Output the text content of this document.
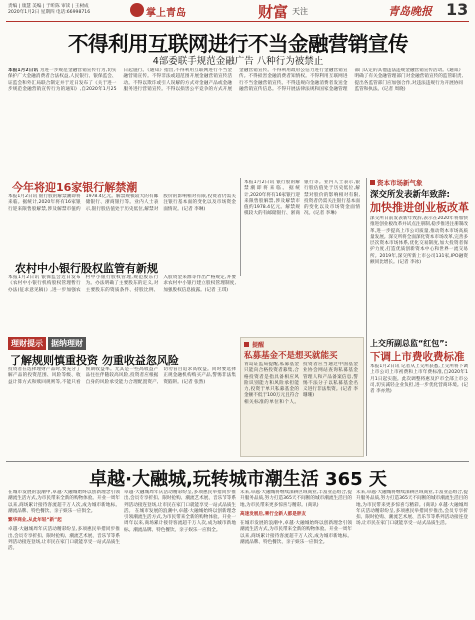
责编 | 康慧 美编 | 于昕陈 审读 | 王树成
2020年1月2日 星期四 电话:66998716	掌上青岛	财富 天注	青岛晚报 13
不得利用互联网进行不当金融营销宣传
4部委联手规范金融广告 八种行为被禁止
本报1月2日讯 为进一步规范金融营销宣传行为,切实保护广大金融消费者合法权益,人民银行、银保监会、证监会和外汇局联合制定并于近日发布了《关于进一步规范金融营销宣传行为的通知》,自2020年1月25日起施行。《通知》指出,不得利用互联网进行不当金融营销宣传。不得非法或超范围开展金融营销宣传活动。不得以欺诈或引人误解的方式对金融产品或金融服务进行营销宣传。不得以损害公平竞争的方式开展金融营销宣传。不得利用政府公信力进行金融营销宣传。不得损害金融消费者知情权。不得利用互联网进行不当金融营销宣传。不得违规向金融消费者发送金融营销宣传信息。不得开展法律法规和国家金融管理部门认定的其他违法违规金融营销宣传活动。《通知》明确了有关金融管理部门对金融营销宣传的监管职责,提出各监管部门应加强合作,对违法违规行为开展协同监管和执法。(记者 周晓)
今年将迎16家银行解禁潮
本报1月2日讯 银行股的解禁潮即将来临。据统计,2020年将有16家银行迎来限售股解禁,涉及解禁市值约1978.4亿元。解禁规模较大的有邮储银行、浙商银行等。业内人士表示,银行股估值处于历史低位,解禁对股价的影响相对有限,投资者仍需关注银行基本面的变化以及市场资金面情况。(记者 李琳)
农村中小银行股权监管有新规
本报1月2日讯 银保监会近日发布《农村中小银行机构股权管理暂行办法(征求意见稿)》,进一步加强农村中小银行股权管理,规范股东行为。办法明确了主要股东的定义,对主要股东的资质条件、持股比例、入股资金来源等作出严格规定,并要求农村中小银行建立股权管理制度,加强股权信息披露。(记者 王琪)
本报1月2日讯 银行股的解禁潮即将来临。据统计,2020年将有16家银行迎来限售股解禁,涉及解禁市值约1978.4亿元。解禁规模较大的有邮储银行、浙商银行等。业内人士表示,银行股估值处于历史低位,解禁对股价的影响相对有限,投资者仍需关注银行基本面的变化以及市场资金面情况。(记者 李琳)
理财提示	据纳理财
了解规则慎重投资 勿重收益忽风险
投资者在选择理财产品时,要充分了解产品的投资范围、风险等级、收益计算方式和赎回规则等,不能只看预期收益率。尤其是一些高收益产品往往伴随较高风险,投资者应根据自身的风险承受能力合理配置资产,切勿盲目追求高收益。同时要选择正规金融机构购买产品,警惕非法集资陷阱。(记者 张然)
提醒
私募基金不是想买就能买
青岛证监局提醒,私募基金只能向合格投资者募集,合格投资者是指具备相应风险识别能力和风险承担能力,投资于单只私募基金的金额不低于100万元且符合相关标准的单位和个人。投资者应当通过中国基金业协会网站查询私募基金管理人和产品备案信息,警惕不法分子以私募基金名义进行非法集资。(记者 李珊珊)
资本市场新气象
深交所发表新年致辞:
加快推进创业板改革
深交所日前发表新年致辞,表示在2020年将加快推进创业板改革并试点注册制,稳步推进注册制改革,进一步提高上市公司质量,推动资本市场高质量发展。深交所将全面深化资本市场改革,完善多层次资本市场体系,优化交易制度,加大投资者保护力度,打造优质创新资本中心和世界一流交易所。2019年,深交所新上市公司131家,IPO融资额同比增长。(记者 李冰)
上交所副总监“红包”:
下调上市费收费标准
本报1月2日讯 记者从上交所获悉,上交所将下调上市公司上市初费和上市年费标准,自2020年1月1日起实施。此次调整将惠及沪市全部上市公司,切实减轻企业负担,进一步优化营商环境。(记者 李亦然)
卓越·大融城,玩转城市潮生活 365 天
在城市发展的浪潮中,卓越·大融城始终以创新理念引领潮流生活方式,为市民带来全新的购物体验。开业一周年以来,商场累计接待客流超千万人次,成为城市新地标。潮流品牌、特色餐饮、亲子娱乐一应俱全。
繁华商业,从此年轻“新”起
卓越·大融城周年庆活动精彩纷呈,多项惠民举措同步推出,会员专享折扣、限时抢购、潮流艺术展、音乐节等系列活动接连登场,让市民在家门口就能享受一站式品质生活。
卓越·大融城周年庆活动精彩纷呈,多项惠民举措同步推出,会员专享折扣、限时抢购、潮流艺术展、音乐节等系列活动接连登场,让市民在家门口就能享受一站式品质生活。 在城市发展的浪潮中,卓越·大融城始终以创新理念引领潮流生活方式,为市民带来全新的购物体验。开业一周年以来,商场累计接待客流超千万人次,成为城市新地标。潮流品牌、特色餐饮、亲子娱乐一应俱全。
未来,卓越·大融城将继续深耕区域商业,丰富业态组合,提升服务品质,努力打造365天不间断的城市潮流生活目的地,为市民带来更多惊喜与精彩。(商讯)
高速发展后,乘行全新人都是胖友
在城市发展的浪潮中,卓越·大融城始终以创新理念引领潮流生活方式,为市民带来全新的购物体验。开业一周年以来,商场累计接待客流超千万人次,成为城市新地标。潮流品牌、特色餐饮、亲子娱乐一应俱全。
未来,卓越·大融城将继续深耕区域商业,丰富业态组合,提升服务品质,努力打造365天不间断的城市潮流生活目的地,为市民带来更多惊喜与精彩。(商讯) 卓越·大融城周年庆活动精彩纷呈,多项惠民举措同步推出,会员专享折扣、限时抢购、潮流艺术展、音乐节等系列活动接连登场,让市民在家门口就能享受一站式品质生活。
